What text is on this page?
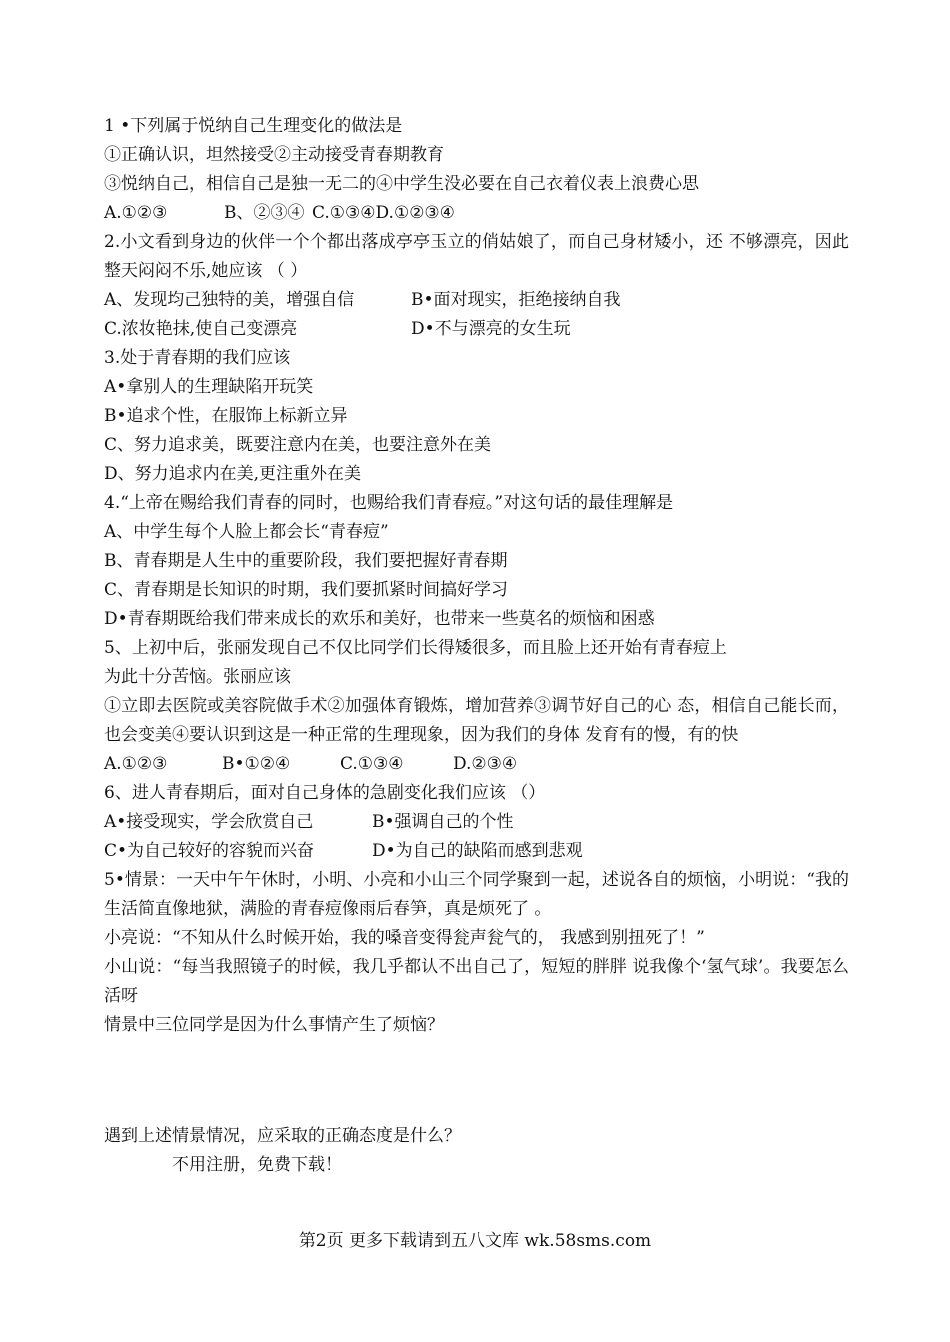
1 •下列属于悦纳自己生理变化的做法是
①正确认识，坦然接受②主动接受青春期教育
③悦纳自己，相信自己是独一无二的④中学生没必要在自己衣着仪表上浪费心思
A.①②③	B、②③④ C.①③④D.①②③④
2.小文看到身边的伙伴一个个都出落成亭亭玉立的俏姑娘了，而自己身材矮小，还 不够漂亮，因此整天闷闷不乐,她应该 （ ）
A、发现均己独特的美，增强自信	B•面对现实，拒绝接纳自我
C.浓妆艳抹,使自己变漂亮	D•不与漂亮的女生玩
3.处于青春期的我们应该
A•拿别人的生理缺陷开玩笑
B•追求个性，在服饰上标新立异
C、努力追求美，既要注意内在美，也要注意外在美
D、努力追求内在美,更注重外在美
4.“上帝在赐给我们青春的同时，也赐给我们青春痘。”对这句话的最佳理解是
A、中学生每个人脸上都会长“青春痘”
B、青春期是人生中的重要阶段，我们要把握好青春期
C、青春期是长知识的时期，我们要抓紧时间搞好学习
D•青春期既给我们带来成长的欢乐和美好，也带来一些莫名的烦恼和困惑
5、上初中后，张丽发现自己不仅比同学们长得矮很多，而且脸上还开始有青春痘上
为此十分苦恼。张丽应该
①立即去医院或美容院做手术②加强体育锻炼，增加营养③调节好自己的心 态，相信自己能长而，也会变美④要认识到这是一种正常的生理现象，因为我们的身体 发育有的慢，有的快
A.①②③	B•①②④	C.①③④	D.②③④
6、进人青春期后，面对自己身体的急剧变化我们应该 （）
A•接受现实，学会欣赏自己	B•强调自己的个性
C•为自己较好的容貌而兴奋	D•为自己的缺陷而感到悲观
5•情景：一天中午午休时，小明、小亮和小山三个同学聚到一起，述说各自的烦恼，小明说：“我的生活简直像地狱，满脸的青春痘像雨后春笋，真是烦死了 。
小亮说：“不知从什么时候开始，我的嗓音变得瓮声瓮气的， 我感到别扭死了！”
小山说：“每当我照镜子的时候，我几乎都认不出自己了，短短的胖胖 说我像个‘氢气球’。我要怎么活呀
情景中三位同学是因为什么事情产生了烦恼？
遇到上述情景情况，应采取的正确态度是什么？
不用注册，免费下载！
第2页 更多下载请到五八文库 wk.58sms.com
